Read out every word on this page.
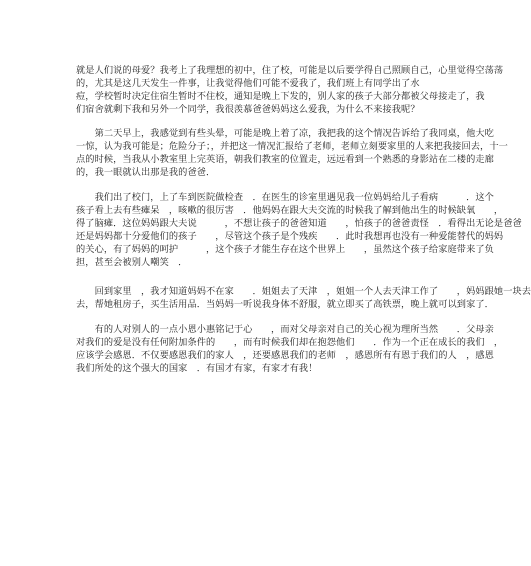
就是人们说的母爱？我考上了我理想的初中，住了校，可能是以后要学得自己照顾自己，心里觉得空荡荡
的，尤其是这几天发生一件事，让我觉得他们可能不爱我了，我们班上有同学出了水
痘，学校暂时决定住宿生暂时不住校，通知是晚上下发的，别人家的孩子大部分都被父母接走了，我
们宿舍就剩下我和另外一个同学，我很羡慕爸爸妈妈这么爱我，为什么不来接我呢？
　　第二天早上，我感觉到有些头晕，可能是晚上着了凉，我把我的这个情况告诉给了我同桌，他大吃
一惊，认为我可能是；危险分子；，并把这一情况汇报给了老师，老师立刻要家里的人来把我接回去，十一
点的时候，当我从小教室里上完英语，朝我们教室的位置走，远远看到一个熟悉的身影站在二楼的走廊
的，我一眼就认出那是我的爸爸．
　　我们出了校门，上了车到医院做检查　．在医生的诊室里遇见我一位妈妈给儿子看病　　　．这个
孩子看上去有些瘫呆　，咳嗽的很厉害　．他妈妈在跟大夫交流的时候我了解到他出生的时候缺氧　　，
得了脑瘫．这位妈妈跟大夫说　　　，不想让孩子的爸爸知道　　，怕孩子的爸爸责怪　．看得出无论是爸爸
还是妈妈都十分爱他们的孩子　　，尽管这个孩子是个残疾　　．此时我想再也没有一种爱能替代的妈妈
的关心，有了妈妈的呵护　　　，这个孩子才能生存在这个世界上　　，虽然这个孩子给家庭带来了负
担，甚至会被别人嘲笑　．
　　回到家里　，我才知道妈妈不在家　　．姐姐去了天津　，姐姐一个人去天津工作了　　，妈妈跟她一块去
去，帮她租房子，买生活用品．当妈妈一听说我身体不舒服，就立即买了高铁票，晚上就可以到家了．
　　有的人对别人的一点小恩小惠铭记于心　　，而对父母亲对自己的关心视为理所当然　　．父母亲
对我们的爱是没有任何附加条件的　　，而有时候我们却在抱怨他们　　．作为一个正在成长的我们　，
应该学会感恩．不仅要感恩我们的家人　，还要感恩我们的老师　，感恩所有有恩于我们的人　，感恩
我们所处的这个强大的国家　．有国才有家，有家才有我！
